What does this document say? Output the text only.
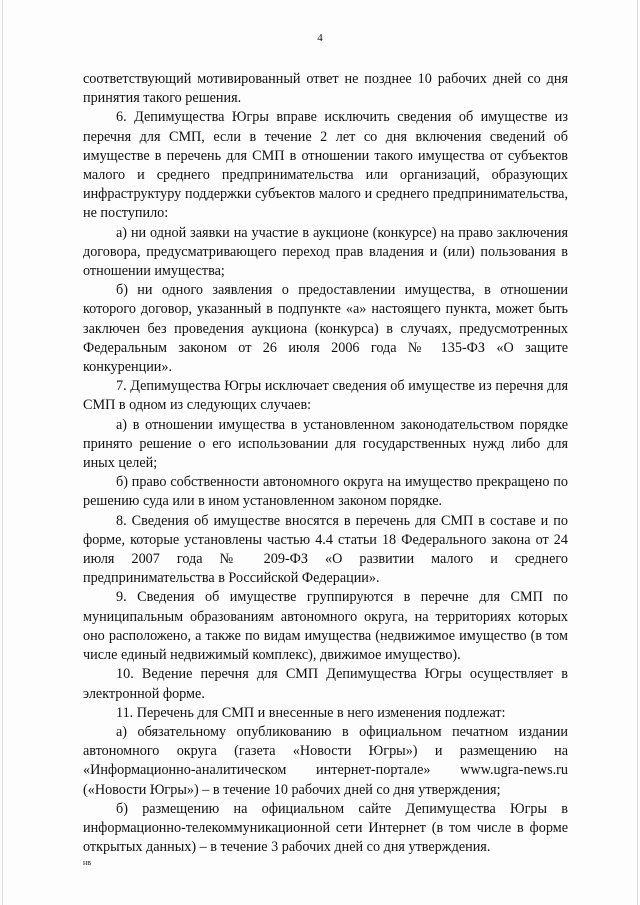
4

соответствующий мотивированный ответ не позднее 10 рабочих дней со дня принятия такого решения.

6. Депимущества Югры вправе исключить сведения об имуществе из перечня для СМП, если в течение 2 лет со дня включения сведений об имуществе в перечень для СМП в отношении такого имущества от субъектов малого и среднего предпринимательства или организаций, образующих инфраструктуру поддержки субъектов малого и среднего предпринимательства, не поступило:

а) ни одной заявки на участие в аукционе (конкурсе) на право заключения договора, предусматривающего переход прав владения и (или) пользования в отношении имущества;

б) ни одного заявления о предоставлении имущества, в отношении которого договор, указанный в подпункте «а» настоящего пункта, может быть заключен без проведения аукциона (конкурса) в случаях, предусмотренных Федеральным законом от 26 июля 2006 года № 135-ФЗ «О защите конкуренции».

7. Депимущества Югры исключает сведения об имуществе из перечня для СМП в одном из следующих случаев:

а) в отношении имущества в установленном законодательством порядке принято решение о его использовании для государственных нужд либо для иных целей;

б) право собственности автономного округа на имущество прекращено по решению суда или в ином установленном законом порядке.

8. Сведения об имуществе вносятся в перечень для СМП в составе и по форме, которые установлены частью 4.4 статьи 18 Федерального закона от 24 июля 2007 года № 209-ФЗ «О развитии малого и среднего предпринимательства в Российской Федерации».

9. Сведения об имуществе группируются в перечне для СМП по муниципальным образованиям автономного округа, на территориях которых оно расположено, а также по видам имущества (недвижимое имущество (в том числе единый недвижимый комплекс), движимое имущество).

10. Ведение перечня для СМП Депимущества Югры осуществляет в электронной форме.

11. Перечень для СМП и внесенные в него изменения подлежат:

а) обязательному опубликованию в официальном печатном издании автономного округа (газета «Новости Югры») и размещению на «Информационно-аналитическом интернет-портале» www.ugra-news.ru («Новости Югры») – в течение 10 рабочих дней со дня утверждения;

б) размещению на официальном сайте Депимущества Югры в информационно-телекоммуникационной сети Интернет (в том числе в форме открытых данных) – в течение 3 рабочих дней со дня утверждения.

нв
